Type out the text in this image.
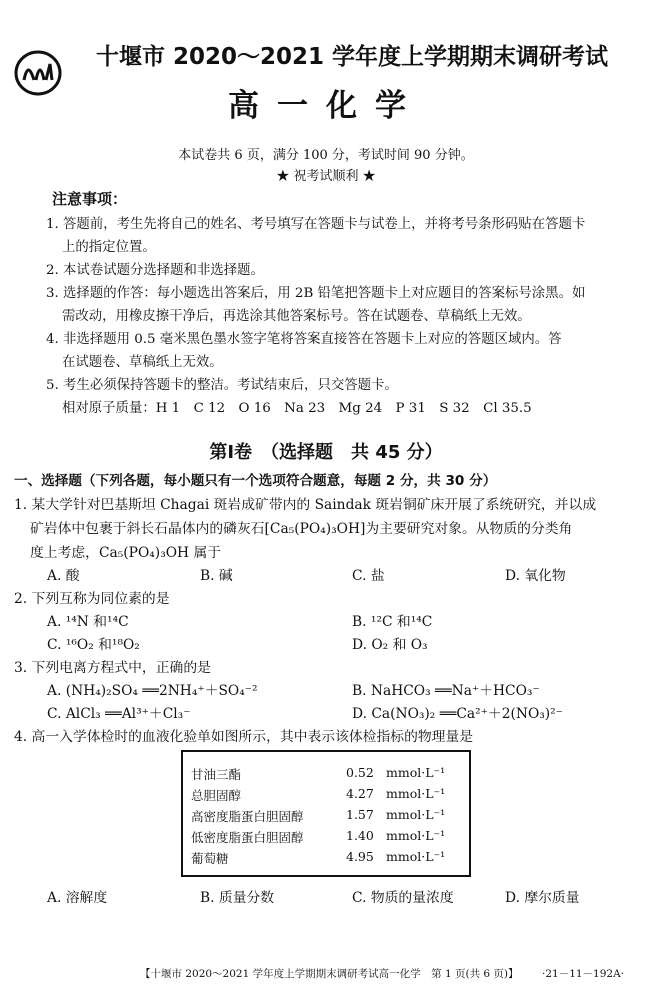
十堰市 2020～2021 学年度上学期期末调研考试
高一化学
本试卷共 6 页，满分 100 分，考试时间 90 分钟。
★ 祝考试顺利 ★
注意事项：
1. 答题前，考生先将自己的姓名、考号填写在答题卡与试卷上，并将考号条形码贴在答题卡
上的指定位置。
2. 本试卷试题分选择题和非选择题。
3. 选择题的作答：每小题选出答案后，用 2B 铅笔把答题卡上对应题目的答案标号涂黑。如
需改动，用橡皮擦干净后，再选涂其他答案标号。答在试题卷、草稿纸上无效。
4. 非选择题用 0.5 毫米黑色墨水签字笔将答案直接答在答题卡上对应的答题区域内。答
在试题卷、草稿纸上无效。
5. 考生必须保持答题卡的整洁。考试结束后，只交答题卡。
相对原子质量：H 1　C 12　O 16　Na 23　Mg 24　P 31　S 32　Cl 35.5
第Ⅰ卷　（选择题　共 45 分）
一、选择题（下列各题，每小题只有一个选项符合题意，每题 2 分，共 30 分）
1. 某大学针对巴基斯坦 Chagai 斑岩成矿带内的 Saindak 斑岩铜矿床开展了系统研究，并以成
矿岩体中包裹于斜长石晶体内的磷灰石[Ca₅(PO₄)₃OH]为主要研究对象。从物质的分类角
度上考虑，Ca₅(PO₄)₃OH 属于
A. 酸	B. 碱	C. 盐	D. 氧化物
2. 下列互称为同位素的是
A. ¹⁴N 和¹⁴C	B. ¹²C 和¹⁴C
C. ¹⁶O₂ 和¹⁸O₂	D. O₂ 和 O₃
3. 下列电离方程式中，正确的是
A. (NH₄)₂SO₄ ══2NH₄⁺＋SO₄⁻²	B. NaHCO₃ ══Na⁺＋HCO₃⁻
C. AlCl₃ ══Al³⁺＋Cl₃⁻	D. Ca(NO₃)₂ ══Ca²⁺＋2(NO₃)²⁻
4. 高一入学体检时的血液化验单如图所示，其中表示该体检指标的物理量是
甘油三酯	0.52 mmol·L⁻¹
总胆固醇	4.27 mmol·L⁻¹
高密度脂蛋白胆固醇	1.57 mmol·L⁻¹
低密度脂蛋白胆固醇	1.40 mmol·L⁻¹
葡萄糖	4.95 mmol·L⁻¹
A. 溶解度	B. 质量分数	C. 物质的量浓度	D. 摩尔质量
【十堰市 2020～2021 学年度上学期期末调研考试高一化学　第 1 页(共 6 页)】 ·21－11－192A·
